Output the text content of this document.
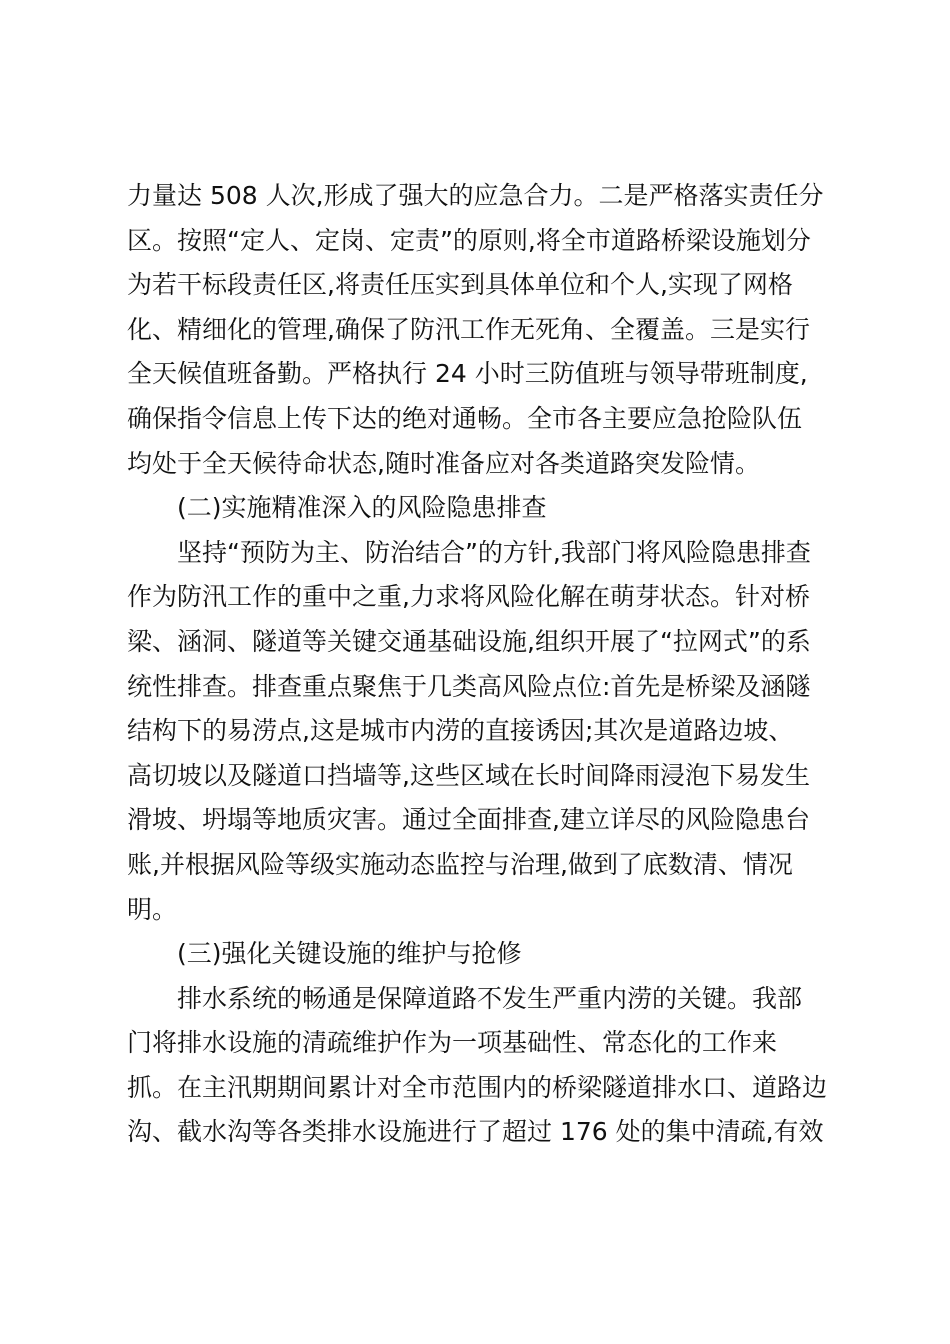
力量达 508 人次,形成了强大的应急合力。二是严格落实责任分
区。按照“定人、定岗、定责”的原则,将全市道路桥梁设施划分
为若干标段责任区,将责任压实到具体单位和个人,实现了网格
化、精细化的管理,确保了防汛工作无死角、全覆盖。三是实行
全天候值班备勤。严格执行 24 小时三防值班与领导带班制度,
确保指令信息上传下达的绝对通畅。全市各主要应急抢险队伍
均处于全天候待命状态,随时准备应对各类道路突发险情。
(二)实施精准深入的风险隐患排查
坚持“预防为主、防治结合”的方针,我部门将风险隐患排查
作为防汛工作的重中之重,力求将风险化解在萌芽状态。针对桥
梁、涵洞、隧道等关键交通基础设施,组织开展了“拉网式”的系
统性排查。排查重点聚焦于几类高风险点位:首先是桥梁及涵隧
结构下的易涝点,这是城市内涝的直接诱因;其次是道路边坡、
高切坡以及隧道口挡墙等,这些区域在长时间降雨浸泡下易发生
滑坡、坍塌等地质灾害。通过全面排查,建立详尽的风险隐患台
账,并根据风险等级实施动态监控与治理,做到了底数清、情况
明。
(三)强化关键设施的维护与抢修
排水系统的畅通是保障道路不发生严重内涝的关键。我部
门将排水设施的清疏维护作为一项基础性、常态化的工作来
抓。在主汛期期间累计对全市范围内的桥梁隧道排水口、道路边
沟、截水沟等各类排水设施进行了超过 176 处的集中清疏,有效
